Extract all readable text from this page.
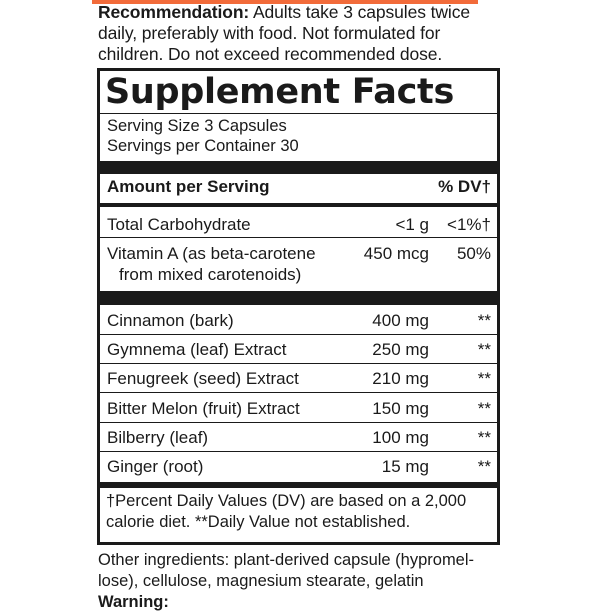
Recommendation: Adults take 3 capsules twice daily, preferably with food. Not formulated for children. Do not exceed recommended dose.
Supplement Facts
Serving Size 3 Capsules
Servings per Container 30
Amount per Serving	% DV†
Total Carbohydrate	<1 g <1%†
Vitamin A (as beta-carotene	450 mcg 50%
from mixed carotenoids)
Cinnamon (bark)	400 mg	**
Gymnema (leaf) Extract	250 mg	**
Fenugreek (seed) Extract	210 mg	**
Bitter Melon (fruit) Extract	150 mg	**
Bilberry (leaf)	100 mg	**
Ginger (root)	15 mg	**
†Percent Daily Values (DV) are based on a 2,000 calorie diet. **Daily Value not established.
Other ingredients: plant-derived capsule (hypromel-lose), cellulose, magnesium stearate, gelatin
Warning:
